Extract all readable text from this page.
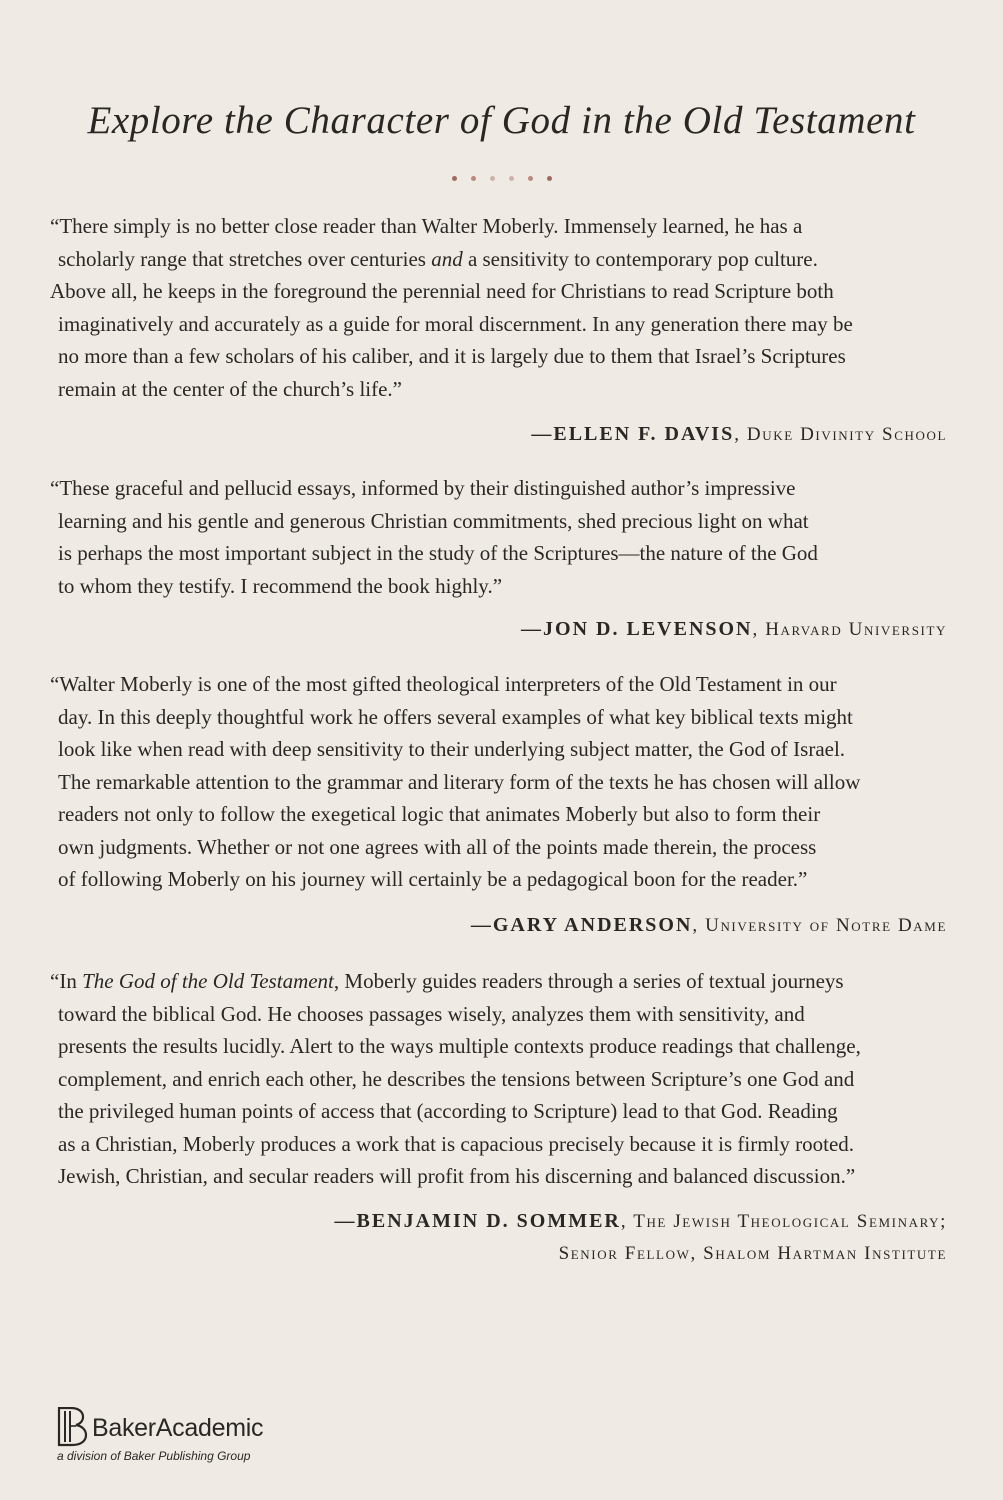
Explore the Character of God in the Old Testament
“There simply is no better close reader than Walter Moberly. Immensely learned, he has a
scholarly range that stretches over centuries and a sensitivity to contemporary pop culture.
Above all, he keeps in the foreground the perennial need for Christians to read Scripture both
imaginatively and accurately as a guide for moral discernment. In any generation there may be
no more than a few scholars of his caliber, and it is largely due to them that Israel’s Scriptures
remain at the center of the church’s life.”
—ELLEN F. DAVIS, Duke Divinity School
“These graceful and pellucid essays, informed by their distinguished author’s impressive
learning and his gentle and generous Christian commitments, shed precious light on what
is perhaps the most important subject in the study of the Scriptures—the nature of the God
to whom they testify. I recommend the book highly.”
—JON D. LEVENSON, Harvard University
“Walter Moberly is one of the most gifted theological interpreters of the Old Testament in our
day. In this deeply thoughtful work he offers several examples of what key biblical texts might
look like when read with deep sensitivity to their underlying subject matter, the God of Israel.
The remarkable attention to the grammar and literary form of the texts he has chosen will allow
readers not only to follow the exegetical logic that animates Moberly but also to form their
own judgments. Whether or not one agrees with all of the points made therein, the process
of following Moberly on his journey will certainly be a pedagogical boon for the reader.”
—GARY ANDERSON, University of Notre Dame
“In The God of the Old Testament, Moberly guides readers through a series of textual journeys
toward the biblical God. He chooses passages wisely, analyzes them with sensitivity, and
presents the results lucidly. Alert to the ways multiple contexts produce readings that challenge,
complement, and enrich each other, he describes the tensions between Scripture’s one God and
the privileged human points of access that (according to Scripture) lead to that God. Reading
as a Christian, Moberly produces a work that is capacious precisely because it is firmly rooted.
Jewish, Christian, and secular readers will profit from his discerning and balanced discussion.”
—BENJAMIN D. SOMMER, The Jewish Theological Seminary;
Senior Fellow, Shalom Hartman Institute
BakerAcademic
a division of Baker Publishing Group
